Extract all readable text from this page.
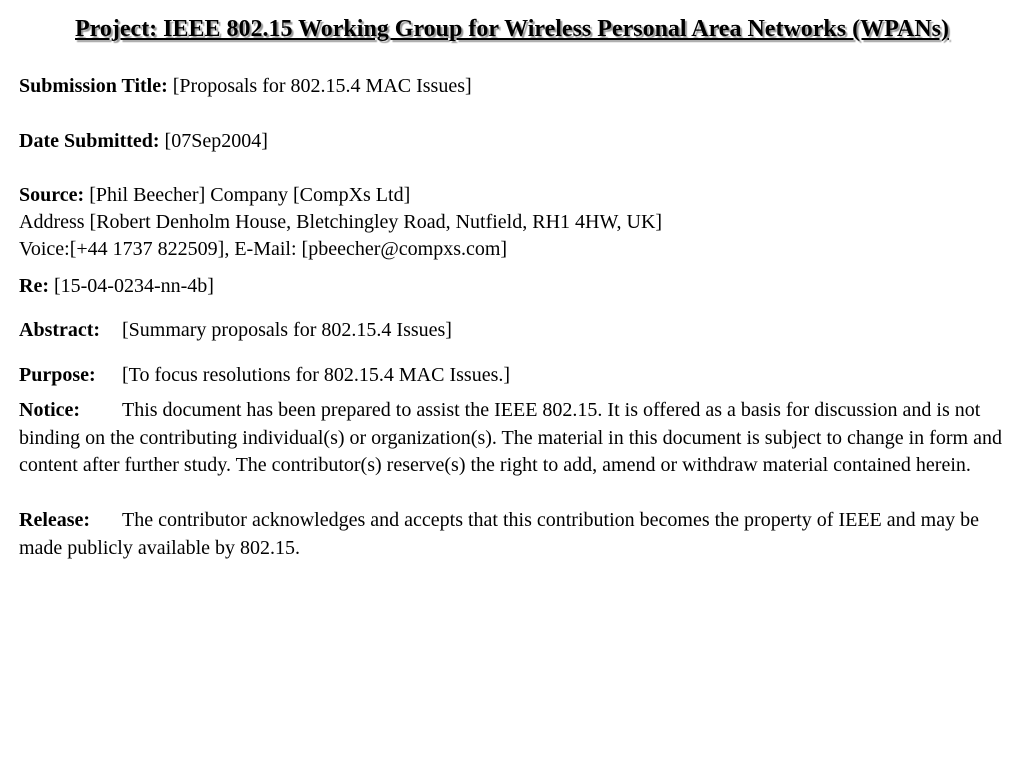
Project: IEEE 802.15 Working Group for Wireless Personal Area Networks (WPANs)
Submission Title: [Proposals for 802.15.4 MAC Issues]
Date Submitted: [07Sep2004]
Source: [Phil Beecher] Company [CompXs Ltd]
Address [Robert Denholm House, Bletchingley Road, Nutfield, RH1 4HW, UK]
Voice:[+44 1737 822509], E-Mail: [pbeecher@compxs.com]
Re: [15-04-0234-nn-4b]
Abstract: [Summary proposals for 802.15.4 Issues]
Purpose: [To focus resolutions for 802.15.4 MAC Issues.]
Notice: This document has been prepared to assist the IEEE 802.15. It is offered as a basis for discussion and is not binding on the contributing individual(s) or organization(s). The material in this document is subject to change in form and content after further study. The contributor(s) reserve(s) the right to add, amend or withdraw material contained herein.
Release: The contributor acknowledges and accepts that this contribution becomes the property of IEEE and may be made publicly available by 802.15.
